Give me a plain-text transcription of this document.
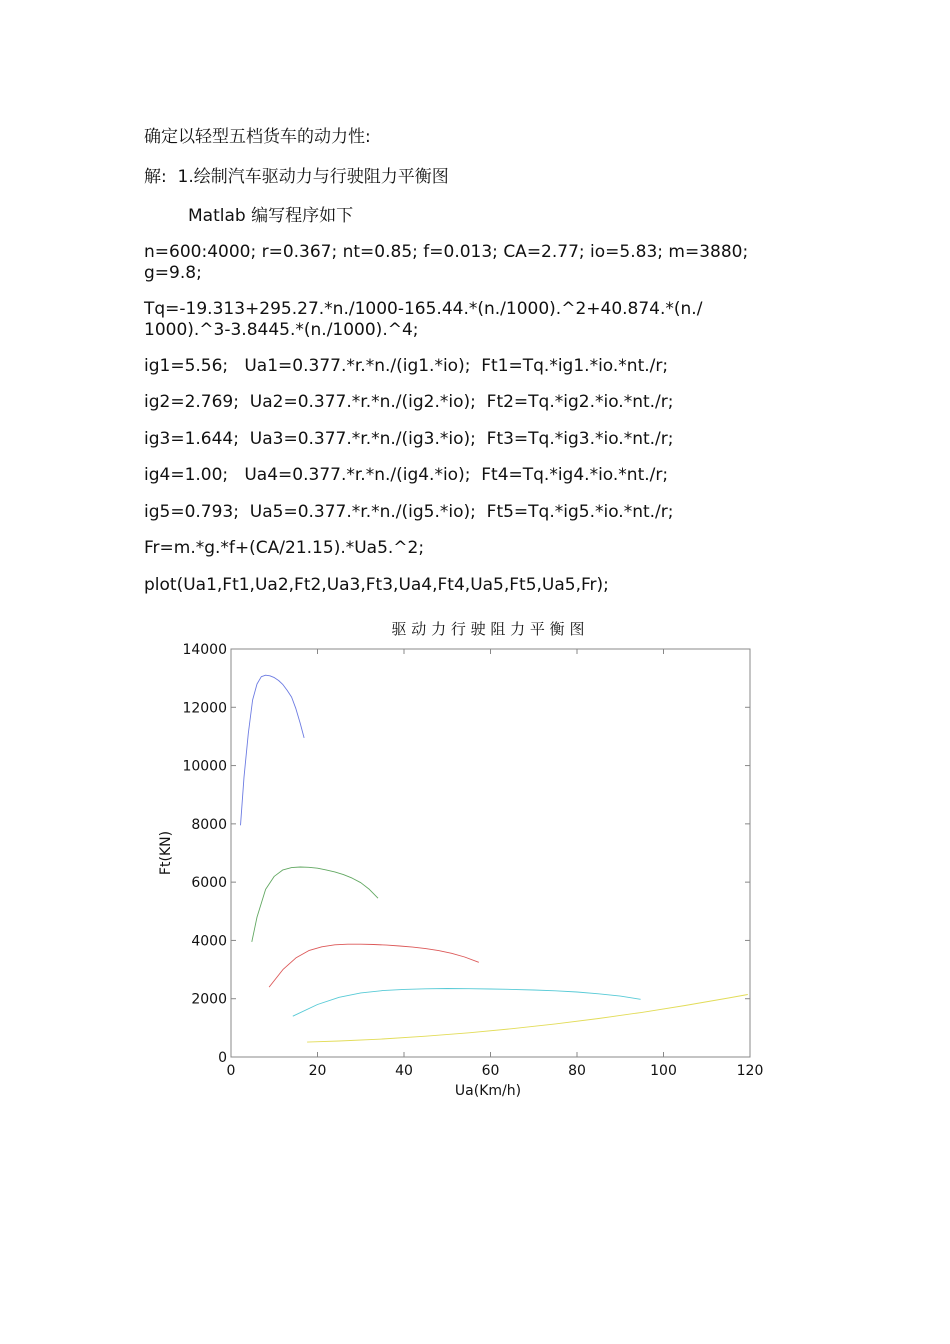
确定以轻型五档货车的动力性:
解:  1.绘制汽车驱动力与行驶阻力平衡图
Matlab 编写程序如下
n=600:4000; r=0.367; nt=0.85; f=0.013; CA=2.77; io=5.83; m=3880; g=9.8;
Tq=-19.313+295.27.*n./1000-165.44.*(n./1000).^2+40.874.*(n./ 1000).^3-3.8445.*(n./1000).^4;
ig1=5.56;   Ua1=0.377.*r.*n./(ig1.*io);  Ft1=Tq.*ig1.*io.*nt./r;
ig2=2.769;  Ua2=0.377.*r.*n./(ig2.*io);  Ft2=Tq.*ig2.*io.*nt./r;
ig3=1.644;  Ua3=0.377.*r.*n./(ig3.*io);  Ft3=Tq.*ig3.*io.*nt./r;
ig4=1.00;   Ua4=0.377.*r.*n./(ig4.*io);  Ft4=Tq.*ig4.*io.*nt./r;
ig5=0.793;  Ua5=0.377.*r.*n./(ig5.*io);  Ft5=Tq.*ig5.*io.*nt./r;
Fr=m.*g.*f+(CA/21.15).*Ua5.^2;
plot(Ua1,Ft1,Ua2,Ft2,Ua3,Ft3,Ua4,Ft4,Ua5,Ft5,Ua5,Fr);
驱 动 力 行 驶 阻 力 平 衡 图
0	20	40	60	80	100	120
0
2000
4000
6000
8000
10000
12000
14000
Ua(Km/h)
Ft(KN)
